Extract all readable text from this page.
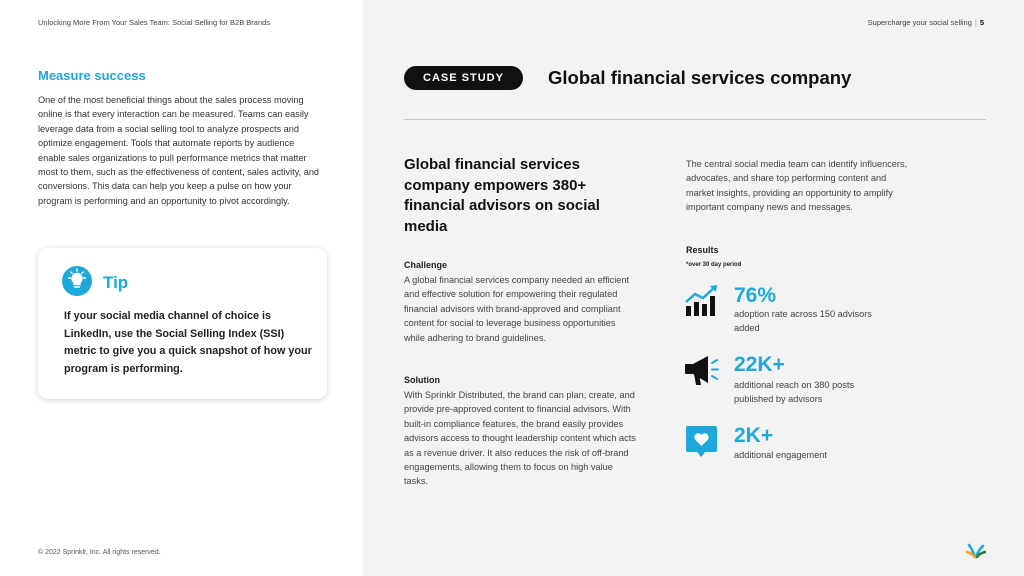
Unlocking More From Your Sales Team: Social Selling for B2B Brands	Supercharge your social selling | 5
Measure success
One of the most beneficial things about the sales process moving online is that every interaction can be measured. Teams can easily leverage data from a social selling tool to analyze prospects and optimize engagement. Tools that automate reports by audience enable sales organizations to pull performance metrics that matter most to them, such as the effectiveness of content, sales activity, and conversions. This data can help you keep a pulse on how your program is performing and an opportunity to pivot accordingly.
Tip
If your social media channel of choice is LinkedIn, use the Social Selling Index (SSI) metric to give you a quick snapshot of how your program is performing.
© 2022 Sprinklr, Inc. All rights reserved.
CASE STUDY	Global financial services company
Global financial services company empowers 380+ financial advisors on social media
Challenge
A global financial services company needed an efficient and effective solution for empowering their regulated financial advisors with brand-approved and compliant content for social to leverage business opportunities while adhering to brand guidelines.
Solution
With Sprinklr Distributed, the brand can plan, create, and provide pre-approved content to financial advisors. With built-in compliance features, the brand easily provides advisors access to thought leadership content which acts as a revenue driver. It also reduces the risk of off-brand engagements, allowing them to focus on high value tasks.
The central social media team can identify influencers, advocates, and share top performing content and market insights, providing an opportunity to amplify important company news and messages.
Results
*over 30 day period
76%
adoption rate across 150 advisors added
22K+
additional reach on 380 posts published by advisors
2K+
additional engagement
